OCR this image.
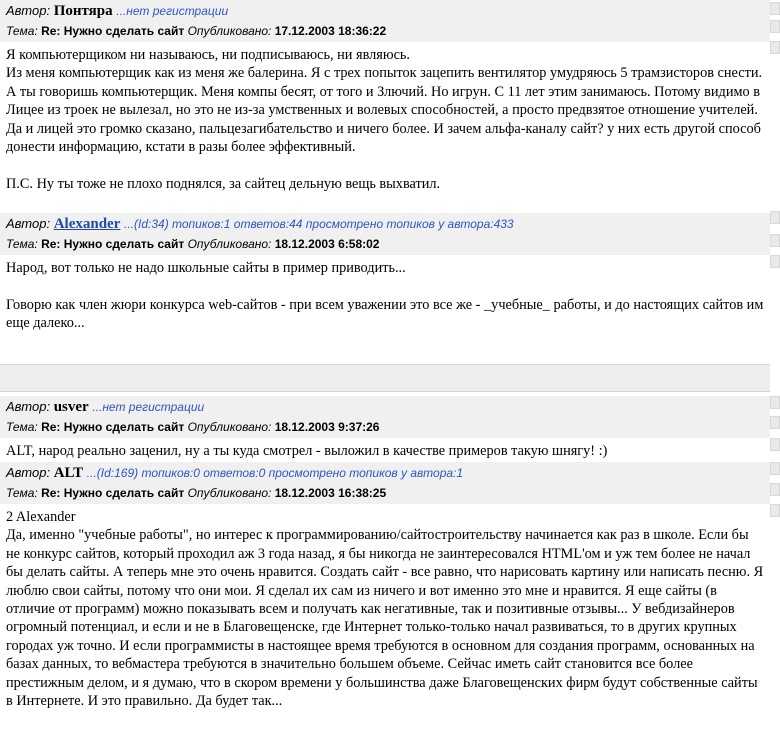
Автор: Понтяра ...нет регистрации
Тема: Re: Нужно сделать сайт Опубликовано: 17.12.2003 18:36:22

Я компьютерщиком ни называюсь, ни подписываюсь, ни являюсь.

Из меня компьютерщик как из меня же балерина. Я с трех попыток зацепить вентилятор умудряюсь 5 трамзисторов снести. А ты говоришь компьютерщик. Меня компы бесят, от того и Злючий. Но игрун. С 11 лет этим занимаюсь. Потому видимо в Лицее из троек не вылезал, но это не из-за умственных и волевых способностей, а просто предвзятое отношение учителей. Да и лицей это громко сказано, пальцезагибательство и ничего более. И зачем альфа-каналу сайт? у них есть другой способ донести информацию, кстати в разы более эффективный.

П.С. Ну ты тоже не плохо поднялся, за сайтец дельную вещь выхватил.

Автор: Alexander ...(Id:34) топиков:1 ответов:44 просмотрено топиков у автора:433
Тема: Re: Нужно сделать сайт Опубликовано: 18.12.2003 6:58:02

Народ, вот только не надо школьные сайты в пример приводить...

Говорю как член жюри конкурса web-сайтов - при всем уважении это все же - _учебные_ работы, и до настоящих сайтов им еще далеко...

Автор: usver ...нет регистрации
Тема: Re: Нужно сделать сайт Опубликовано: 18.12.2003 9:37:26

ALT, народ реально заценил, ну а ты куда смотрел - выложил в качестве примеров такую шнягу! :)

Автор: ALT ...(Id:169) топиков:0 ответов:0 просмотрено топиков у автора:1
Тема: Re: Нужно сделать сайт Опубликовано: 18.12.2003 16:38:25

2 Alexander

Да, именно "учебные работы", но интерес к программированию/сайтостроительству начинается как раз в школе. Если бы не конкурс сайтов, который проходил аж 3 года назад, я бы никогда не заинтересовался HTML'ом и уж тем более не начал бы делать сайты. А теперь мне это очень нравится. Создать сайт - все равно, что нарисовать картину или написать песню. Я люблю свои сайты, потому что они мои. Я сделал их сам из ничего и вот именно это мне и нравится. Я еще сайты (в отличие от программ) можно показывать всем и получать как негативные, так и позитивные отзывы... У вебдизайнеров огромный потенциал, и если и не в Благовещенске, где Интернет только-только начал развиваться, то в других крупных городах уж точно. И если программисты в настоящее время требуются в основном для создания программ, основанных на базах данных, то вебмастера требуются в значительно большем объеме. Сейчас иметь сайт становится все более престижным делом, и я думаю, что в скором времени у большинства даже Благовещенских фирм будут собственные сайты в Интернете. И это правильно. Да будет так...
